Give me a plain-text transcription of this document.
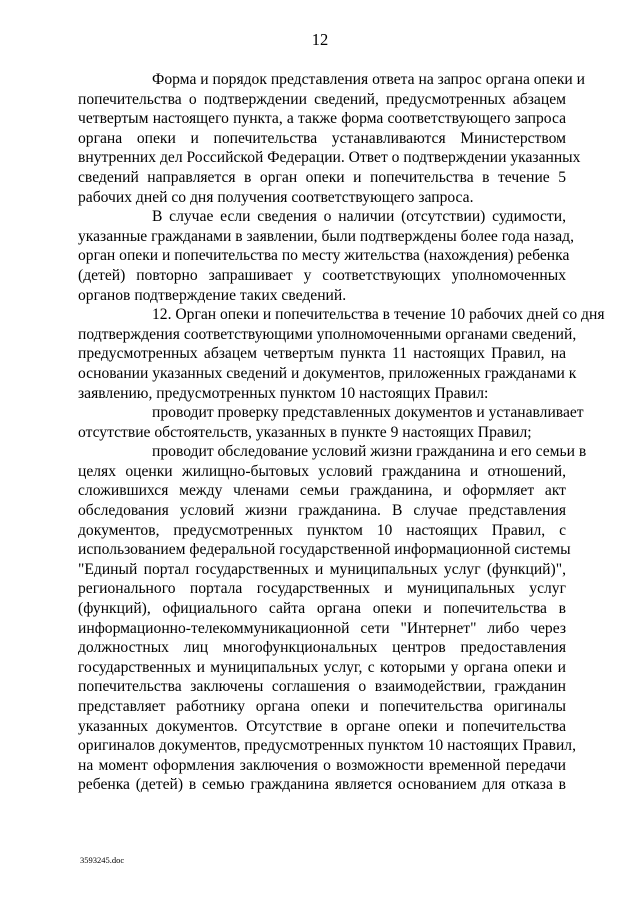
12
Форма и порядок представления ответа на запрос органа опеки и
попечительства о подтверждении сведений, предусмотренных абзацем
четвертым настоящего пункта, а также форма соответствующего запроса
органа опеки и попечительства устанавливаются Министерством
внутренних дел Российской Федерации. Ответ о подтверждении указанных
сведений направляется в орган опеки и попечительства в течение 5
рабочих дней со дня получения соответствующего запроса.
В случае если сведения о наличии (отсутствии) судимости,
указанные гражданами в заявлении, были подтверждены более года назад,
орган опеки и попечительства по месту жительства (нахождения) ребенка
(детей) повторно запрашивает у соответствующих уполномоченных
органов подтверждение таких сведений.
12. Орган опеки и попечительства в течение 10 рабочих дней со дня
подтверждения соответствующими уполномоченными органами сведений,
предусмотренных абзацем четвертым пункта 11 настоящих Правил, на
основании указанных сведений и документов, приложенных гражданами к
заявлению, предусмотренных пунктом 10 настоящих Правил:
проводит проверку представленных документов и устанавливает
отсутствие обстоятельств, указанных в пункте 9 настоящих Правил;
проводит обследование условий жизни гражданина и его семьи в
целях оценки жилищно-бытовых условий гражданина и отношений,
сложившихся между членами семьи гражданина, и оформляет акт
обследования условий жизни гражданина. В случае представления
документов, предусмотренных пунктом 10 настоящих Правил, с
использованием федеральной государственной информационной системы
"Единый портал государственных и муниципальных услуг (функций)",
регионального портала государственных и муниципальных услуг
(функций), официального сайта органа опеки и попечительства в
информационно-телекоммуникационной сети "Интернет" либо через
должностных лиц многофункциональных центров предоставления
государственных и муниципальных услуг, с которыми у органа опеки и
попечительства заключены соглашения о взаимодействии, гражданин
представляет работнику органа опеки и попечительства оригиналы
указанных документов. Отсутствие в органе опеки и попечительства
оригиналов документов, предусмотренных пунктом 10 настоящих Правил,
на момент оформления заключения о возможности временной передачи
ребенка (детей) в семью гражданина является основанием для отказа в
3593245.doc
